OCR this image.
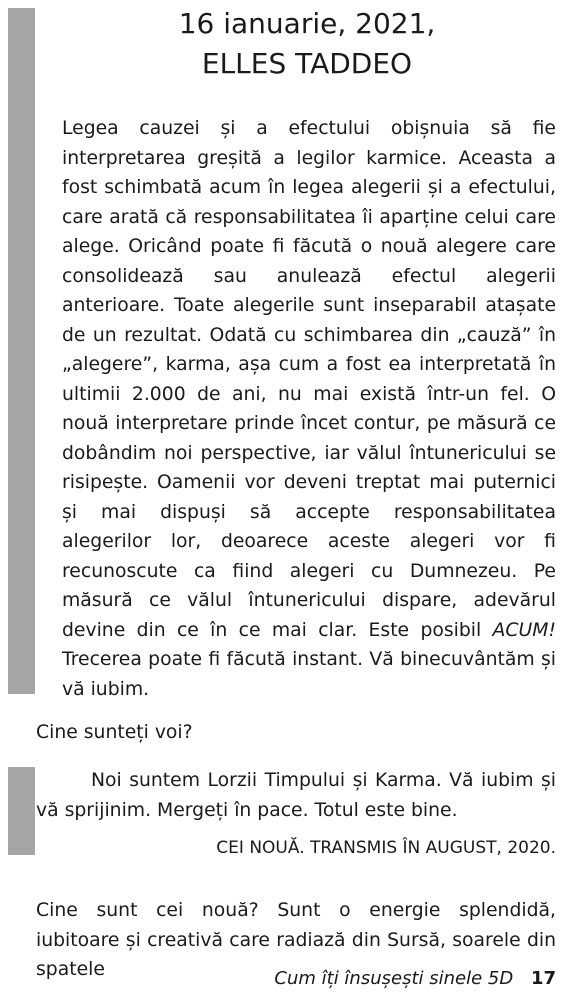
16 ianuarie, 2021,
ELLES TADDEO

Legea cauzei și a efectului obișnuia să fie interpretarea greșită a legilor karmice. Aceasta a fost schimbată acum în legea alegerii și a efectului, care arată că responsabilitatea îi aparține celui care alege. Oricând poate fi făcută o nouă alegere care consolidează sau anulează efectul alegerii anterioare. Toate alegerile sunt inseparabil atașate de un rezultat. Odată cu schimbarea din „cauză” în „alegere”, karma, așa cum a fost ea interpretată în ultimii 2.000 de ani, nu mai există într-un fel. O nouă interpretare prinde încet contur, pe măsură ce dobândim noi perspective, iar vălul întunericului se risipește. Oamenii vor deveni treptat mai puternici și mai dispuși să accepte responsabilitatea alegerilor lor, deoarece aceste alegeri vor fi recunoscute ca fiind alegeri cu Dumnezeu. Pe măsură ce vălul întunericului dispare, adevărul devine din ce în ce mai clar. Este posibil ACUM! Trecerea poate fi făcută instant. Vă binecuvântăm și vă iubim.

Cine sunteți voi?

Noi suntem Lorzii Timpului și Karma. Vă iubim și vă sprijinim. Mergeți în pace. Totul este bine.

CEI NOUĂ. TRANSMIS ÎN AUGUST, 2020.

Cine sunt cei nouă? Sunt o energie splendidă, iubitoare și creativă care radiază din Sursă, soarele din spatele	Cum îți însușești sinele 5D 17
